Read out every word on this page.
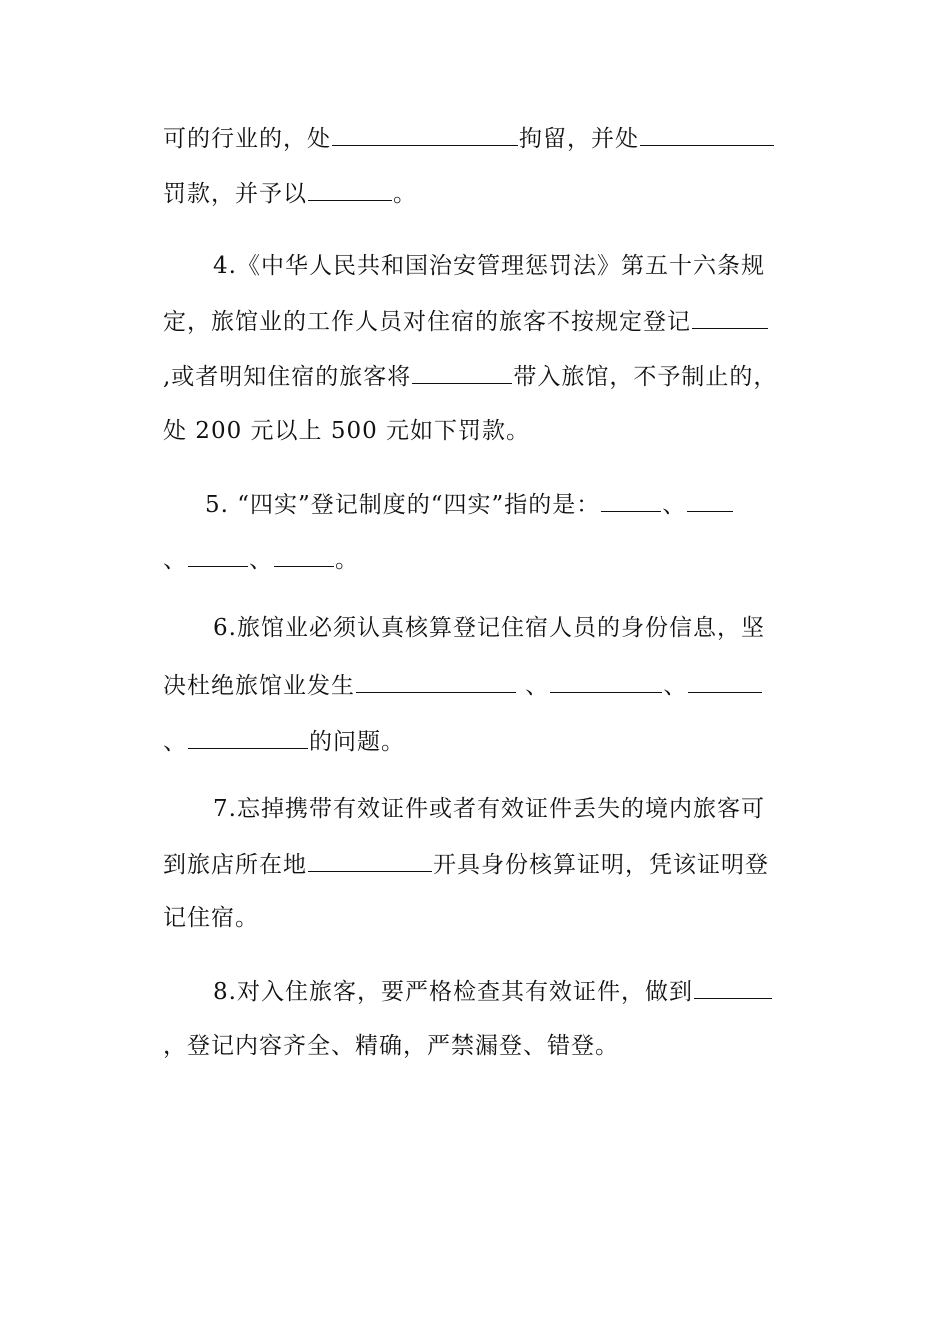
可的行业的，处	拘留，并处
罚款，并予以	。
4.《中华人民共和国治安管理惩罚法》第五十六条规
定，旅馆业的工作人员对住宿的旅客不按规定登记
,或者明知住宿的旅客将	带入旅馆，不予制止的，
处 200 元以上 500 元如下罚款。
5. “四实”登记制度的“四实”指的是：	、
、	、	。
6.旅馆业必须认真核算登记住宿人员的身份信息，坚
决杜绝旅馆业发生	、	、
、	的问题。
7.忘掉携带有效证件或者有效证件丢失的境内旅客可
到旅店所在地	开具身份核算证明，凭该证明登
记住宿。
8.对入住旅客，要严格检查其有效证件，做到
，登记内容齐全、精确，严禁漏登、错登。
